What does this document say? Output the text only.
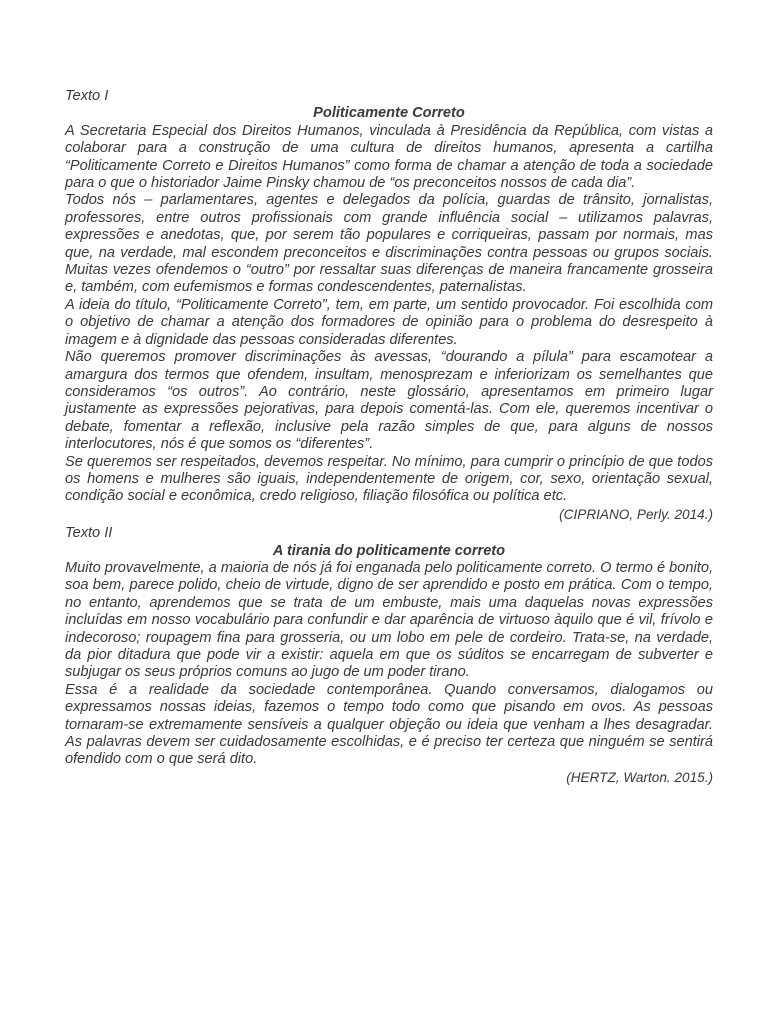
Texto I

Politicamente Correto

A Secretaria Especial dos Direitos Humanos, vinculada à Presidência da República, com vistas a colaborar para a construção de uma cultura de direitos humanos, apresenta a cartilha “Politicamente Correto e Direitos Humanos” como forma de chamar a atenção de toda a sociedade para o que o historiador Jaime Pinsky chamou de “os preconceitos nossos de cada dia”.

Todos nós – parlamentares, agentes e delegados da polícia, guardas de trânsito, jornalistas, professores, entre outros profissionais com grande influência social – utilizamos palavras, expressões e anedotas, que, por serem tão populares e corriqueiras, passam por normais, mas que, na verdade, mal escondem preconceitos e discriminações contra pessoas ou grupos sociais. Muitas vezes ofendemos o “outro” por ressaltar suas diferenças de maneira francamente grosseira e, também, com eufemismos e formas condescendentes, paternalistas.

A ideia do título, “Politicamente Correto”, tem, em parte, um sentido provocador. Foi escolhida com o objetivo de chamar a atenção dos formadores de opinião para o problema do desrespeito à imagem e à dignidade das pessoas consideradas diferentes.

Não queremos promover discriminações às avessas, “dourando a pílula” para escamotear a amargura dos termos que ofendem, insultam, menosprezam e inferiorizam os semelhantes que consideramos “os outros”. Ao contrário, neste glossário, apresentamos em primeiro lugar justamente as expressões pejorativas, para depois comentá-las. Com ele, queremos incentivar o debate, fomentar a reflexão, inclusive pela razão simples de que, para alguns de nossos interlocutores, nós é que somos os “diferentes”.

Se queremos ser respeitados, devemos respeitar. No mínimo, para cumprir o princípio de que todos os homens e mulheres são iguais, independentemente de origem, cor, sexo, orientação sexual, condição social e econômica, credo religioso, filiação filosófica ou política etc.

(CIPRIANO, Perly. 2014.)

Texto II

A tirania do politicamente correto

Muito provavelmente, a maioria de nós já foi enganada pelo politicamente correto. O termo é bonito, soa bem, parece polido, cheio de virtude, digno de ser aprendido e posto em prática. Com o tempo, no entanto, aprendemos que se trata de um embuste, mais uma daquelas novas expressões incluídas em nosso vocabulário para confundir e dar aparência de virtuoso àquilo que é vil, frívolo e indecoroso; roupagem fina para grosseria, ou um lobo em pele de cordeiro. Trata-se, na verdade, da pior ditadura que pode vir a existir: aquela em que os súditos se encarregam de subverter e subjugar os seus próprios comuns ao jugo de um poder tirano.

Essa é a realidade da sociedade contemporânea. Quando conversamos, dialogamos ou expressamos nossas ideias, fazemos o tempo todo como que pisando em ovos. As pessoas tornaram-se extremamente sensíveis a qualquer objeção ou ideia que venham a lhes desagradar. As palavras devem ser cuidadosamente escolhidas, e é preciso ter certeza que ninguém se sentirá ofendido com o que será dito.

(HERTZ, Warton. 2015.)
